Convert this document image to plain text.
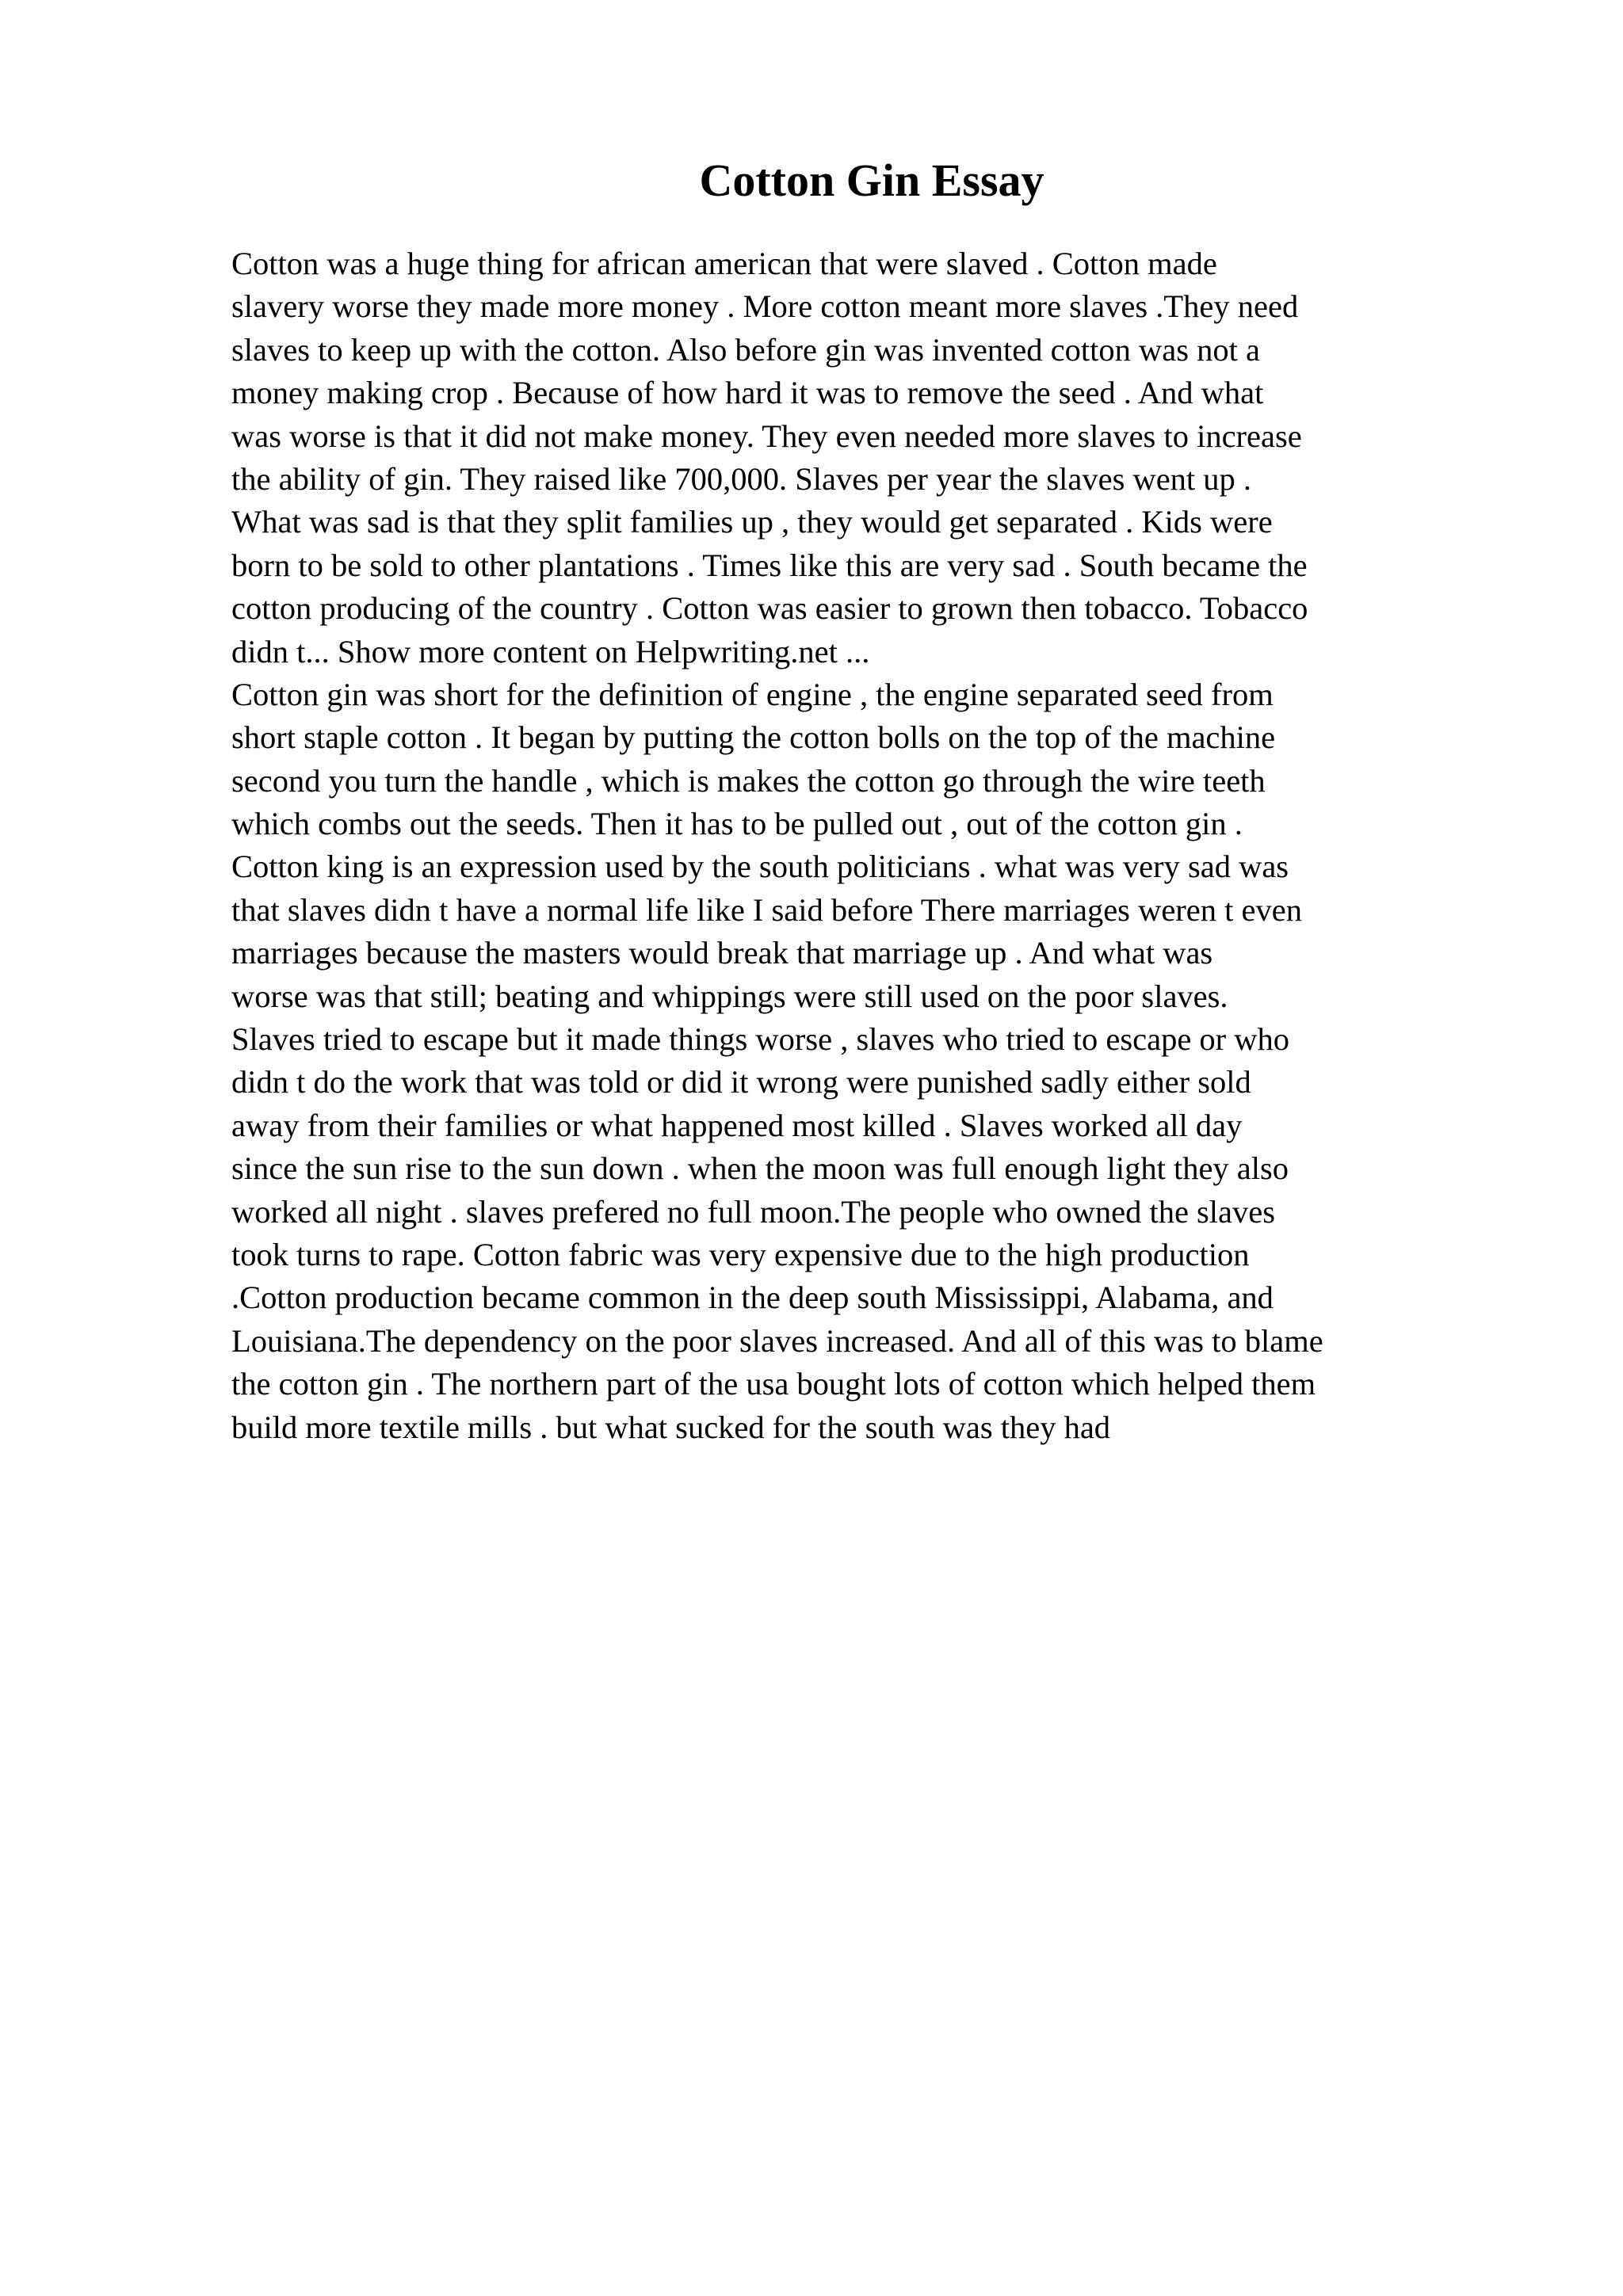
Cotton Gin Essay
Cotton was a huge thing for african american that were slaved . Cotton made
slavery worse they made more money . More cotton meant more slaves .They need
slaves to keep up with the cotton. Also before gin was invented cotton was not a
money making crop . Because of how hard it was to remove the seed . And what
was worse is that it did not make money. They even needed more slaves to increase
the ability of gin. They raised like 700,000. Slaves per year the slaves went up .
What was sad is that they split families up , they would get separated . Kids were
born to be sold to other plantations . Times like this are very sad . South became the
cotton producing of the country . Cotton was easier to grown then tobacco. Tobacco
didn t... Show more content on Helpwriting.net ...
Cotton gin was short for the definition of engine , the engine separated seed from
short staple cotton . It began by putting the cotton bolls on the top of the machine
second you turn the handle , which is makes the cotton go through the wire teeth
which combs out the seeds. Then it has to be pulled out , out of the cotton gin .
Cotton king is an expression used by the south politicians . what was very sad was
that slaves didn t have a normal life like I said before There marriages weren t even
marriages because the masters would break that marriage up . And what was
worse was that still; beating and whippings were still used on the poor slaves.
Slaves tried to escape but it made things worse , slaves who tried to escape or who
didn t do the work that was told or did it wrong were punished sadly either sold
away from their families or what happened most killed . Slaves worked all day
since the sun rise to the sun down . when the moon was full enough light they also
worked all night . slaves prefered no full moon.The people who owned the slaves
took turns to rape. Cotton fabric was very expensive due to the high production
.Cotton production became common in the deep south Mississippi, Alabama, and
Louisiana.The dependency on the poor slaves increased. And all of this was to blame
the cotton gin . The northern part of the usa bought lots of cotton which helped them
build more textile mills . but what sucked for the south was they had
